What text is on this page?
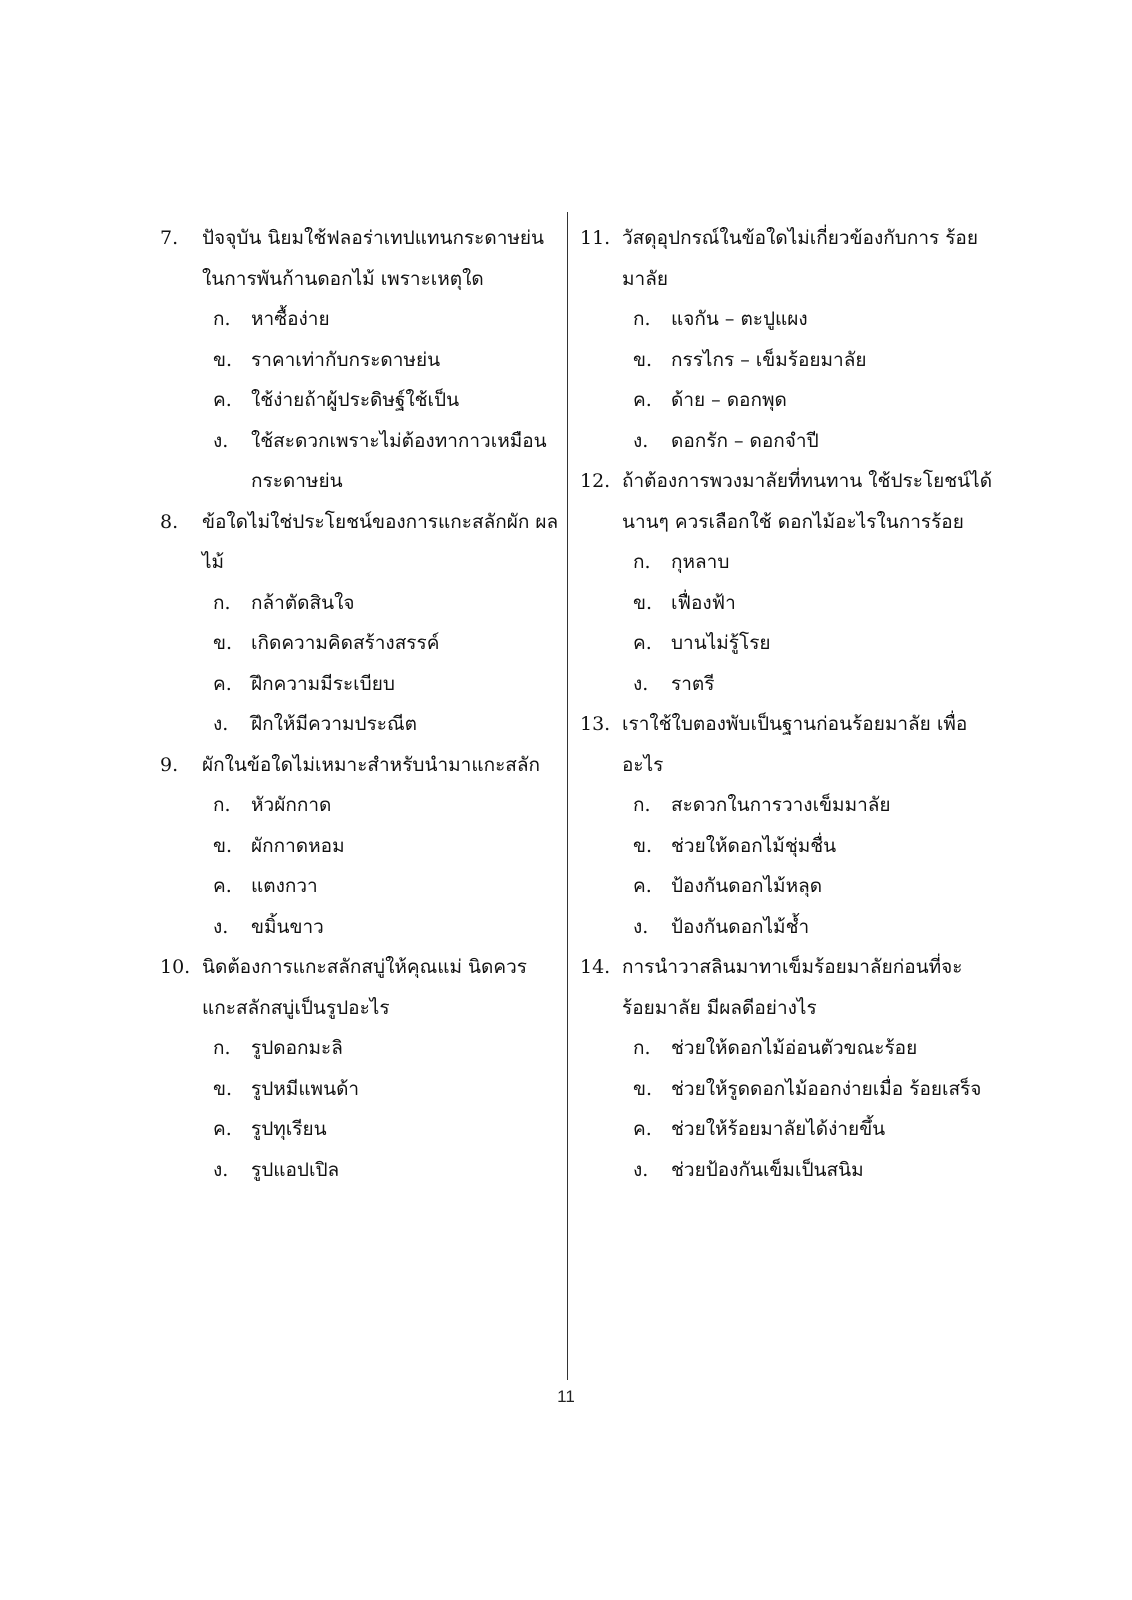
7.	ปัจจุบัน นิยมใช้ฟลอร่าเทปแทนกระดาษย่น ในการพันก้านดอกไม้ เพราะเหตุใด
ก.	หาซื้อง่าย
ข. ราคาเท่ากับกระดาษย่น
ค.	ใช้ง่ายถ้าผู้ประดิษฐ์ใช้เป็น
ง.	ใช้สะดวกเพราะไม่ต้องทากาวเหมือน กระดาษย่น
8.	ข้อใดไม่ใช่ประโยชน์ของการแกะสลักผัก ผลไม้
ก.	กล้าตัดสินใจ
ข. เกิดความคิดสร้างสรรค์
ค.	ฝึกความมีระเบียบ
ง.	ฝึกให้มีความประณีต
9.	ผักในข้อใดไม่เหมาะสำหรับนำมาแกะสลัก
ก.	หัวผักกาด
ข. ผักกาดหอม
ค.	แตงกวา
ง.	ขมิ้นขาว
10. นิดต้องการแกะสลักสบู่ให้คุณแม่ นิดควร แกะสลักสบู่เป็นรูปอะไร
ก.	รูปดอกมะลิ
ข. รูปหมีแพนด้า
ค.	รูปทุเรียน
ง.	รูปแอปเปิล
11. วัสดุอุปกรณ์ในข้อใดไม่เกี่ยวข้องกับการ ร้อยมาลัย
ก.	แจกัน – ตะปูแผง
ข. กรรไกร – เข็มร้อยมาลัย
ค.	ด้าย – ดอกพุด
ง.	ดอกรัก – ดอกจำปี
12. ถ้าต้องการพวงมาลัยที่ทนทาน ใช้ประโยชน์ได้นานๆ ควรเลือกใช้ ดอกไม้อะไรในการร้อย
ก.	กุหลาบ
ข. เฟื่องฟ้า
ค.	บานไม่รู้โรย
ง.	ราตรี
13. เราใช้ใบตองพับเป็นฐานก่อนร้อยมาลัย เพื่ออะไร
ก.	สะดวกในการวางเข็มมาลัย
ข. ช่วยให้ดอกไม้ชุ่มชื่น
ค.	ป้องกันดอกไม้หลุด
ง.	ป้องกันดอกไม้ช้ำ
14. การนำวาสลินมาทาเข็มร้อยมาลัยก่อนที่จะ ร้อยมาลัย มีผลดีอย่างไร
ก.	ช่วยให้ดอกไม้อ่อนตัวขณะร้อย
ข. ช่วยให้รูดดอกไม้ออกง่ายเมื่อ ร้อยเสร็จ
ค.	ช่วยให้ร้อยมาลัยได้ง่ายขึ้น
ง.	ช่วยป้องกันเข็มเป็นสนิม
11
